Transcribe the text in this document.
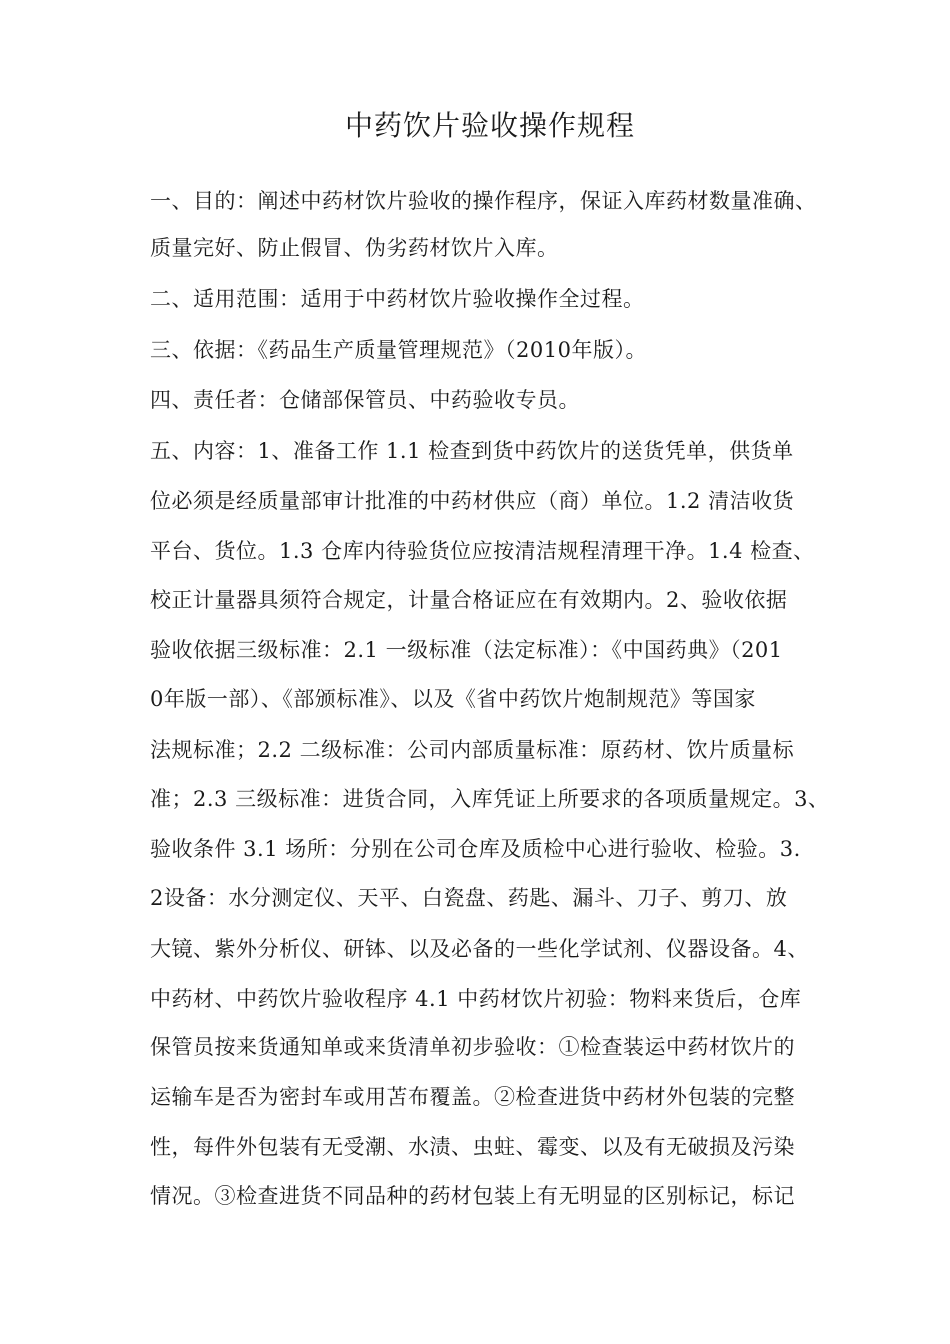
中药饮片验收操作规程
一、目的：阐述中药材饮片验收的操作程序，保证入库药材数量准确、
质量完好、防止假冒、伪劣药材饮片入库。
二、适用范围：适用于中药材饮片验收操作全过程。
三、依据：《药品生产质量管理规范》（2010年版）。
四、责任者：仓储部保管员、中药验收专员。
五、内容：1、准备工作 1.1 检查到货中药饮片的送货凭单，供货单
位必须是经质量部审计批准的中药材供应（商）单位。1.2 清洁收货
平台、货位。1.3 仓库内待验货位应按清洁规程清理干净。1.4 检查、
校正计量器具须符合规定，计量合格证应在有效期内。2、验收依据
验收依据三级标准：2.1 一级标准（法定标准）：《中国药典》（201
0年版一部）、《部颁标准》、以及《省中药饮片炮制规范》等国家
法规标准；2.2 二级标准：公司内部质量标准：原药材、饮片质量标
准；2.3 三级标准：进货合同，入库凭证上所要求的各项质量规定。3、
验收条件 3.1 场所：分别在公司仓库及质检中心进行验收、检验。3.
2设备：水分测定仪、天平、白瓷盘、药匙、漏斗、刀子、剪刀、放
大镜、紫外分析仪、研钵、以及必备的一些化学试剂、仪器设备。4、
中药材、中药饮片验收程序 4.1 中药材饮片初验：物料来货后，仓库
保管员按来货通知单或来货清单初步验收：①检查装运中药材饮片的
运输车是否为密封车或用苫布覆盖。②检查进货中药材外包装的完整
性，每件外包装有无受潮、水渍、虫蛀、霉变、以及有无破损及污染
情况。③检查进货不同品种的药材包装上有无明显的区别标记，标记
